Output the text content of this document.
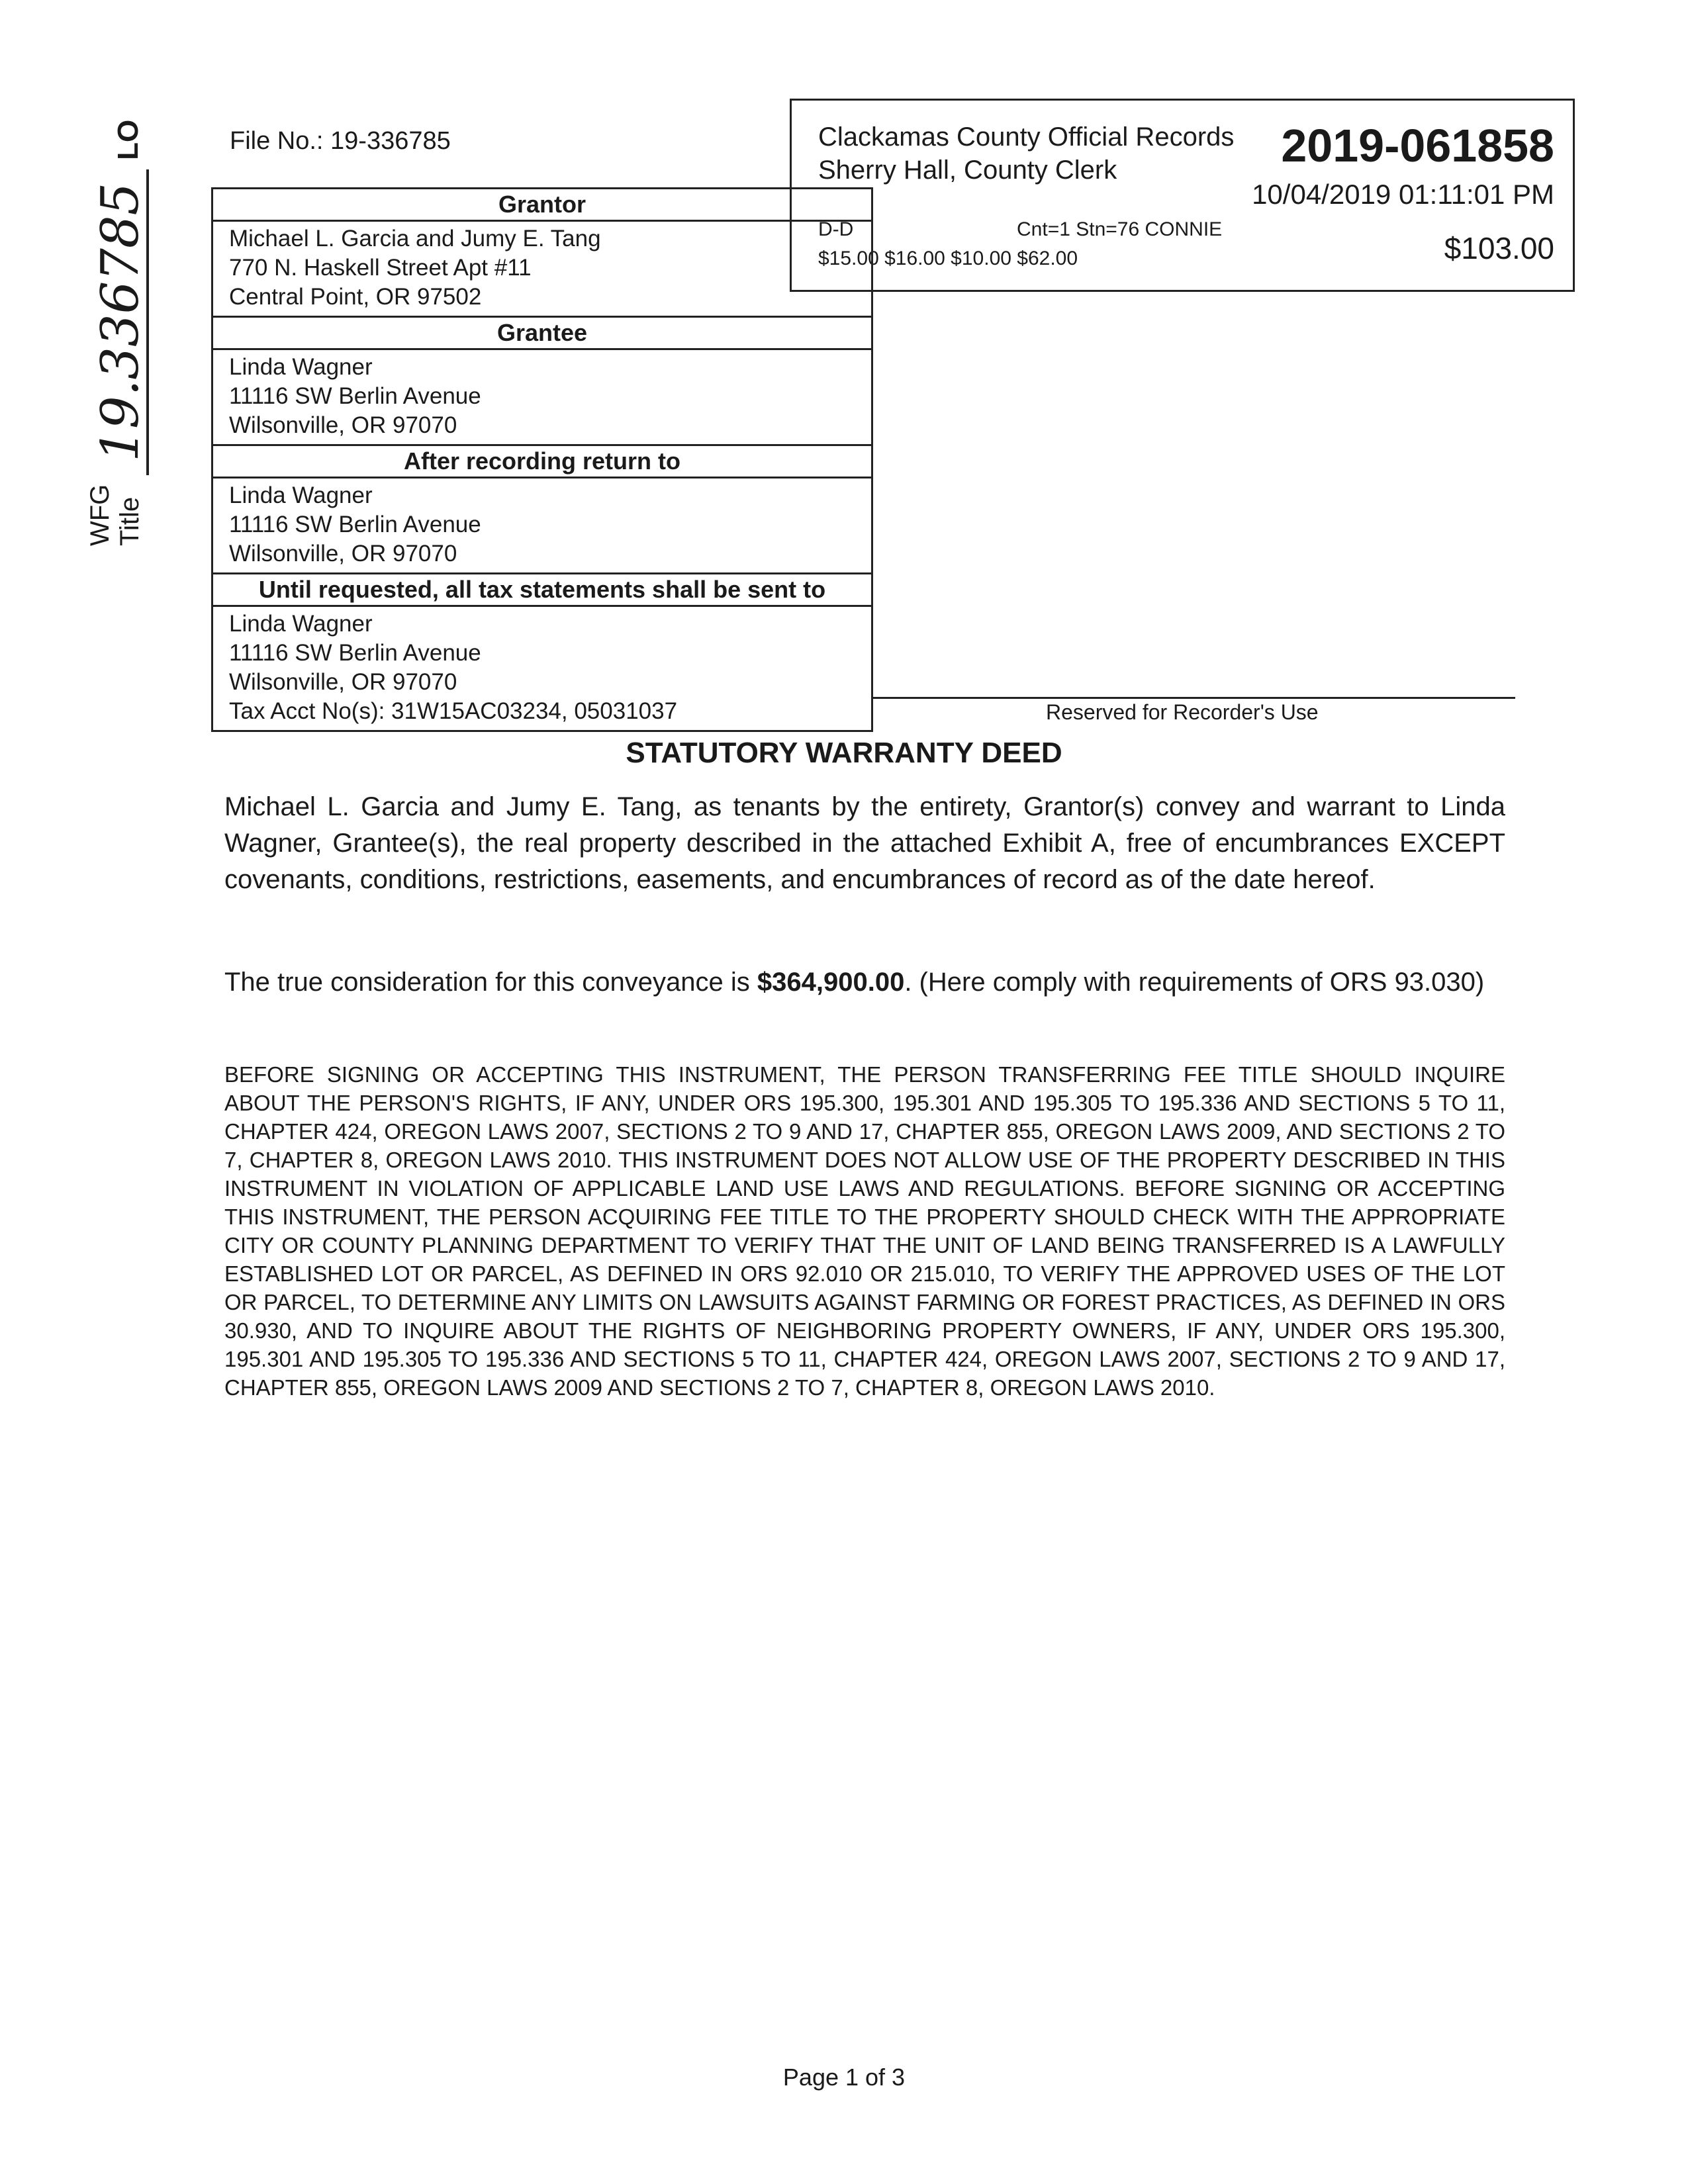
WFG Title
19.336785
LO	File No.: 19-336785	Clackamas County Official Records
Sherry Hall, County Clerk	2019-061858
10/04/2019 01:11:01 PM
D-D	Cnt=1 Stn=76 CONNIE
$15.00 $16.00 $10.00 $62.00	$103.00
Grantor
Michael L. Garcia and Jumy E. Tang
770 N. Haskell Street Apt #11
Central Point, OR 97502
Grantee
Linda Wagner
11116 SW Berlin Avenue
Wilsonville, OR 97070
After recording return to
Linda Wagner
11116 SW Berlin Avenue
Wilsonville, OR 97070
Until requested, all tax statements shall be sent to
Linda Wagner
11116 SW Berlin Avenue
Wilsonville, OR 97070
Tax Acct No(s): 31W15AC03234, 05031037	Reserved for Recorder's Use
STATUTORY WARRANTY DEED
Michael L. Garcia and Jumy E. Tang, as tenants by the entirety, Grantor(s) convey and warrant to Linda Wagner, Grantee(s), the real property described in the attached Exhibit A, free of encumbrances EXCEPT covenants, conditions, restrictions, easements, and encumbrances of record as of the date hereof.
The true consideration for this conveyance is $364,900.00. (Here comply with requirements of ORS 93.030)
BEFORE SIGNING OR ACCEPTING THIS INSTRUMENT, THE PERSON TRANSFERRING FEE TITLE SHOULD INQUIRE ABOUT THE PERSON'S RIGHTS, IF ANY, UNDER ORS 195.300, 195.301 AND 195.305 TO 195.336 AND SECTIONS 5 TO 11, CHAPTER 424, OREGON LAWS 2007, SECTIONS 2 TO 9 AND 17, CHAPTER 855, OREGON LAWS 2009, AND SECTIONS 2 TO 7, CHAPTER 8, OREGON LAWS 2010. THIS INSTRUMENT DOES NOT ALLOW USE OF THE PROPERTY DESCRIBED IN THIS INSTRUMENT IN VIOLATION OF APPLICABLE LAND USE LAWS AND REGULATIONS. BEFORE SIGNING OR ACCEPTING THIS INSTRUMENT, THE PERSON ACQUIRING FEE TITLE TO THE PROPERTY SHOULD CHECK WITH THE APPROPRIATE CITY OR COUNTY PLANNING DEPARTMENT TO VERIFY THAT THE UNIT OF LAND BEING TRANSFERRED IS A LAWFULLY ESTABLISHED LOT OR PARCEL, AS DEFINED IN ORS 92.010 OR 215.010, TO VERIFY THE APPROVED USES OF THE LOT OR PARCEL, TO DETERMINE ANY LIMITS ON LAWSUITS AGAINST FARMING OR FOREST PRACTICES, AS DEFINED IN ORS 30.930, AND TO INQUIRE ABOUT THE RIGHTS OF NEIGHBORING PROPERTY OWNERS, IF ANY, UNDER ORS 195.300, 195.301 AND 195.305 TO 195.336 AND SECTIONS 5 TO 11, CHAPTER 424, OREGON LAWS 2007, SECTIONS 2 TO 9 AND 17, CHAPTER 855, OREGON LAWS 2009 AND SECTIONS 2 TO 7, CHAPTER 8, OREGON LAWS 2010.
Page 1 of 3
